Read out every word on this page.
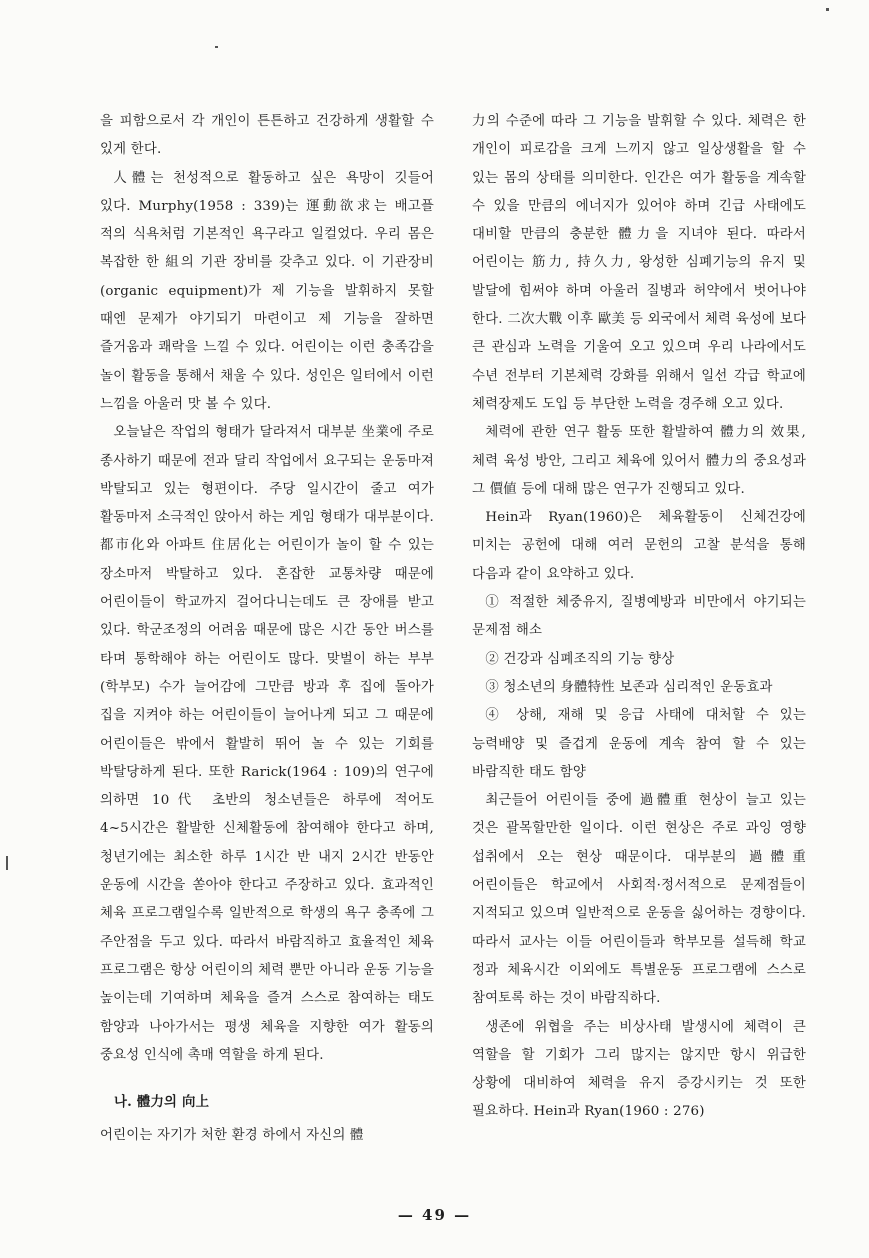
을 피함으로서 각 개인이 튼튼하고 건강하게 생활할 수 있게 한다.

人體는 천성적으로 활동하고 싶은 욕망이 깃들어 있다. Murphy(1958 : 339)는 運動欲求는 배고플 적의 식욕처럼 기본적인 욕구라고 일컬었다. 우리 몸은 복잡한 한 組의 기관 장비를 갖추고 있다. 이 기관장비(organic equipment)가 제 기능을 발휘하지 못할 때엔 문제가 야기되기 마련이고 제 기능을 잘하면 즐거움과 쾌락을 느낄 수 있다. 어린이는 이런 충족감을 놀이 활동을 통해서 채울 수 있다. 성인은 일터에서 이런 느낌을 아울러 맛 볼 수 있다.

오늘날은 작업의 형태가 달라져서 대부분 坐業에 주로 종사하기 때문에 전과 달리 작업에서 요구되는 운동마져 박탈되고 있는 형편이다. 주당 일시간이 줄고 여가 활동마저 소극적인 앉아서 하는 게임 형태가 대부분이다. 都市化와 아파트 住居化는 어린이가 놀이 할 수 있는 장소마저 박탈하고 있다. 혼잡한 교통차량 때문에 어린이들이 학교까지 걸어다니는데도 큰 장애를 받고 있다. 학군조정의 어려움 때문에 많은 시간 동안 버스를 타며 통학해야 하는 어린이도 많다. 맞벌이 하는 부부(학부모) 수가 늘어감에 그만큼 방과 후 집에 돌아가 집을 지켜야 하는 어린이들이 늘어나게 되고 그 때문에 어린이들은 밖에서 활발히 뛰어 놀 수 있는 기회를 박탈당하게 된다. 또한 Rarick(1964 : 109)의 연구에 의하면 10代 초반의 청소년들은 하루에 적어도 4~5시간은 활발한 신체활동에 참여해야 한다고 하며, 청년기에는 최소한 하루 1시간 반 내지 2시간 반동안 운동에 시간을 쏟아야 한다고 주장하고 있다. 효과적인 체육 프로그램일수록 일반적으로 학생의 욕구 충족에 그 주안점을 두고 있다. 따라서 바람직하고 효율적인 체육 프로그램은 항상 어린이의 체력 뿐만 아니라 운동 기능을 높이는데 기여하며 체육을 즐겨 스스로 참여하는 태도 함양과 나아가서는 평생 체육을 지향한 여가 활동의 중요성 인식에 촉매 역할을 하게 된다.

나. 體力의 向上

어린이는 자기가 처한 환경 하에서 자신의 體

力의 수준에 따라 그 기능을 발휘할 수 있다. 체력은 한 개인이 피로감을 크게 느끼지 않고 일상생활을 할 수 있는 몸의 상태를 의미한다. 인간은 여가 활동을 계속할 수 있을 만큼의 에너지가 있어야 하며 긴급 사태에도 대비할 만큼의 충분한 體力을 지녀야 된다. 따라서 어린이는 筋力, 持久力, 왕성한 심폐기능의 유지 및 발달에 힘써야 하며 아울러 질병과 허약에서 벗어나야 한다. 二次大戰 이후 歐美 등 외국에서 체력 육성에 보다 큰 관심과 노력을 기울여 오고 있으며 우리 나라에서도 수년 전부터 기본체력 강화를 위해서 일선 각급 학교에 체력장제도 도입 등 부단한 노력을 경주해 오고 있다.

체력에 관한 연구 활동 또한 활발하여 體力의 效果, 체력 육성 방안, 그리고 체육에 있어서 體力의 중요성과 그 價値 등에 대해 많은 연구가 진행되고 있다.

Hein과 Ryan(1960)은 체육활동이 신체건강에 미치는 공헌에 대해 여러 문헌의 고찰 분석을 통해 다음과 같이 요약하고 있다.

① 적절한 체중유지, 질병예방과 비만에서 야기되는 문제점 해소

② 건강과 심폐조직의 기능 향상

③ 청소년의 身體特性 보존과 심리적인 운동효과

④ 상해, 재해 및 응급 사태에 대처할 수 있는 능력배양 및 즐겁게 운동에 계속 참여 할 수 있는 바람직한 태도 함양

최근들어 어린이들 중에 過體重 현상이 늘고 있는 것은 괄목할만한 일이다. 이런 현상은 주로 과잉 영향 섭취에서 오는 현상 때문이다. 대부분의 過體重 어린이들은 학교에서 사회적·정서적으로 문제점들이 지적되고 있으며 일반적으로 운동을 싫어하는 경향이다. 따라서 교사는 이들 어린이들과 학부모를 설득해 학교 정과 체육시간 이외에도 특별운동 프로그램에 스스로 참여토록 하는 것이 바람직하다.

생존에 위협을 주는 비상사태 발생시에 체력이 큰 역할을 할 기회가 그리 많지는 않지만 항시 위급한 상황에 대비하여 체력을 유지 증강시키는 것 또한 필요하다. Hein과 Ryan(1960 : 276)

— 49 —
